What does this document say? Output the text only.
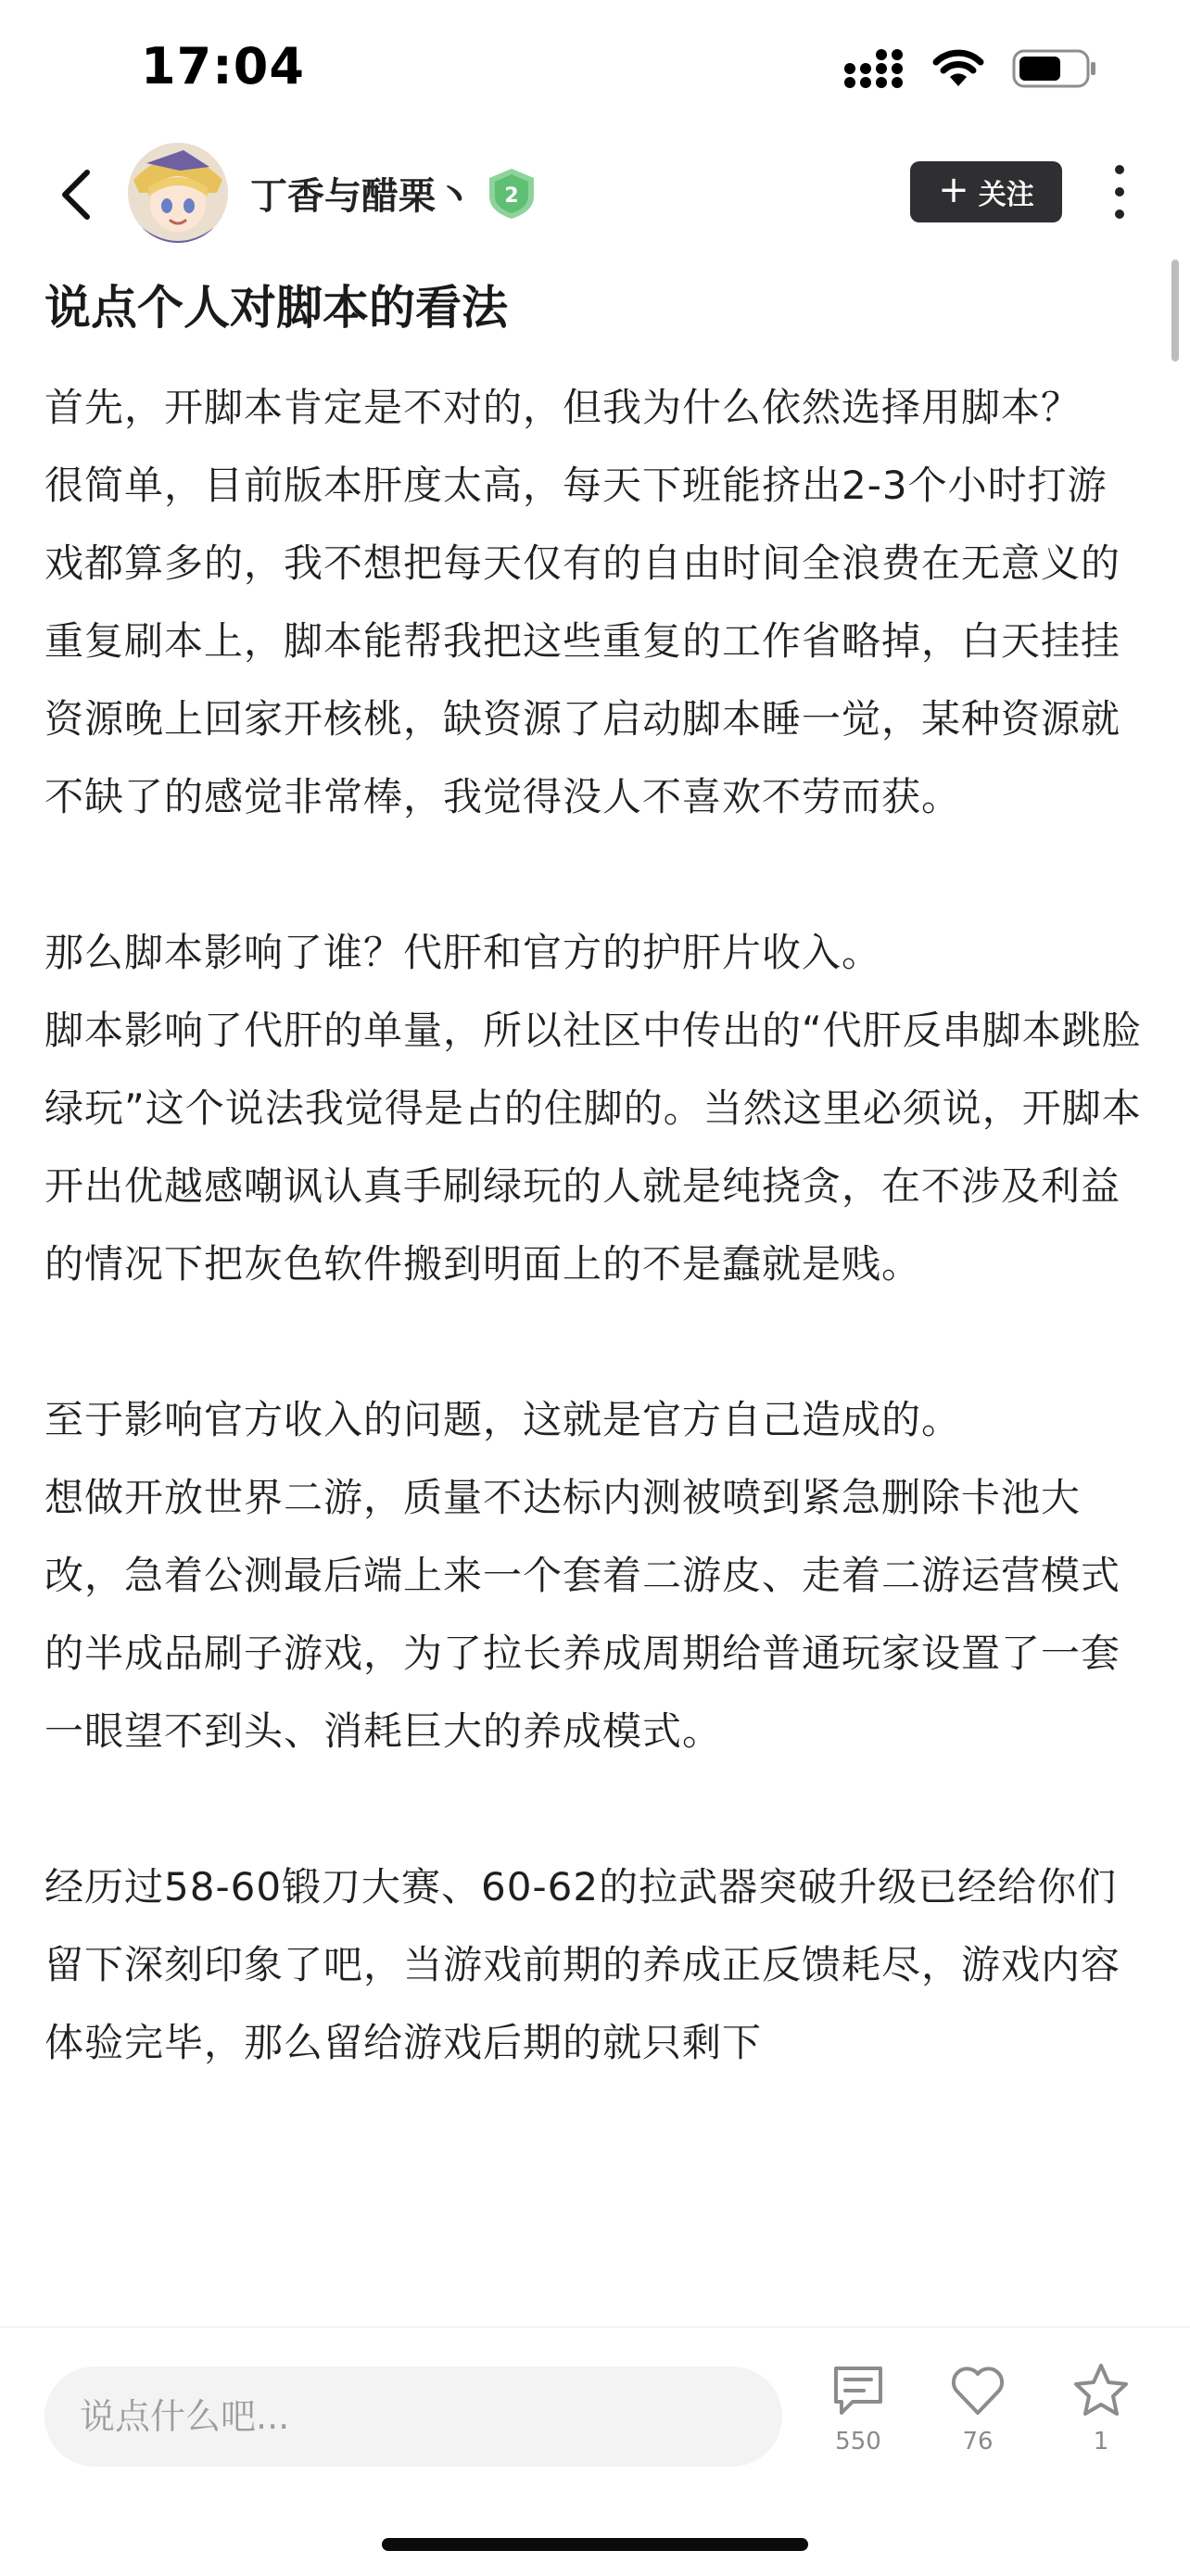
17:04
丁香与醋栗丶 2	+ 关注
说点个人对脚本的看法

首先，开脚本肯定是不对的，但我为什么依然选择用脚本？

很简单，目前版本肝度太高，每天下班能挤出2-3个小时打游戏都算多的，我不想把每天仅有的自由时间全浪费在无意义的重复刷本上，脚本能帮我把这些重复的工作省略掉，白天挂挂资源晚上回家开核桃，缺资源了启动脚本睡一觉，某种资源就不缺了的感觉非常棒，我觉得没人不喜欢不劳而获。

那么脚本影响了谁？代肝和官方的护肝片收入。

脚本影响了代肝的单量，所以社区中传出的“代肝反串脚本跳脸绿玩”这个说法我觉得是占的住脚的。当然这里必须说，开脚本开出优越感嘲讽认真手刷绿玩的人就是纯挠贪，在不涉及利益的情况下把灰色软件搬到明面上的不是蠢就是贱。

至于影响官方收入的问题，这就是官方自己造成的。

想做开放世界二游，质量不达标内测被喷到紧急删除卡池大改，急着公测最后端上来一个套着二游皮、走着二游运营模式的半成品刷子游戏，为了拉长养成周期给普通玩家设置了一套一眼望不到头、消耗巨大的养成模式。

经历过58-60锻刀大赛、60-62的拉武器突破升级已经给你们留下深刻印象了吧，当游戏前期的养成正反馈耗尽，游戏内容体验完毕，那么留给游戏后期的就只剩下

说点什么吧...
550	76	1
